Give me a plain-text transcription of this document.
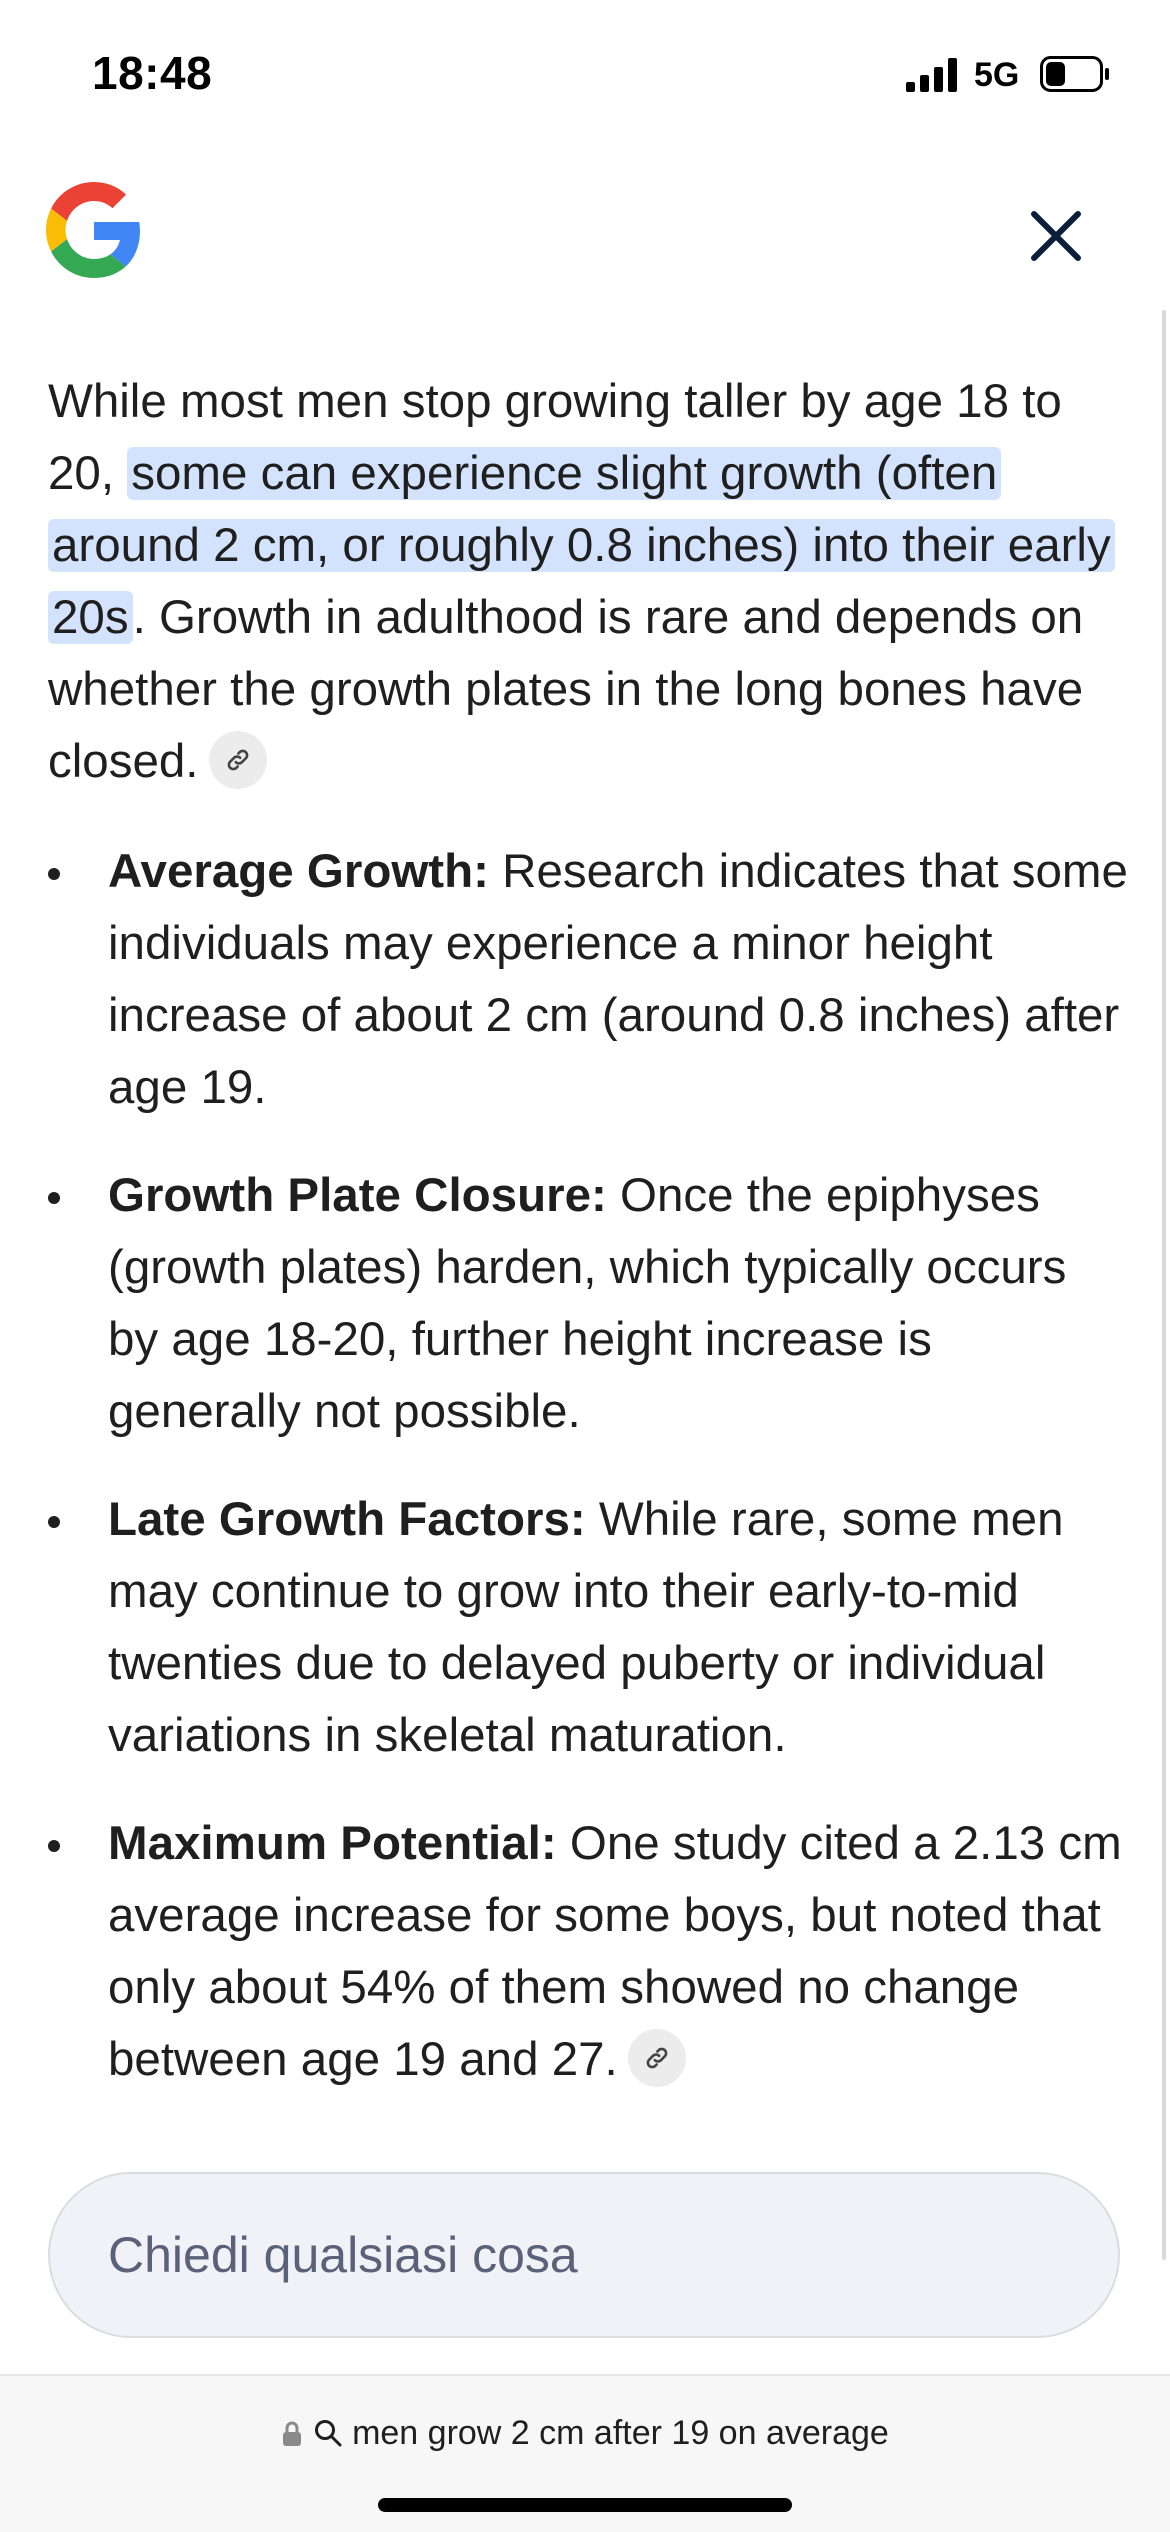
18:48	5G

While most men stop growing taller by age 18 to 20, some can experience slight growth (often around 2 cm, or roughly 0.8 inches) into their early 20s. Growth in adulthood is rare and depends on whether the growth plates in the long bones have closed.

Average Growth: Research indicates that some individuals may experience a minor height increase of about 2 cm (around 0.8 inches) after age 19.
Growth Plate Closure: Once the epiphyses (growth plates) harden, which typically occurs by age 18-20, further height increase is generally not possible.
Late Growth Factors: While rare, some men may continue to grow into their early-to-mid twenties due to delayed puberty or individual variations in skeletal maturation.
Maximum Potential: One study cited a 2.13 cm average increase for some boys, but noted that only about 54% of them showed no change between age 19 and 27.
Chiedi qualsiasi cosa
men grow 2 cm after 19 on average
